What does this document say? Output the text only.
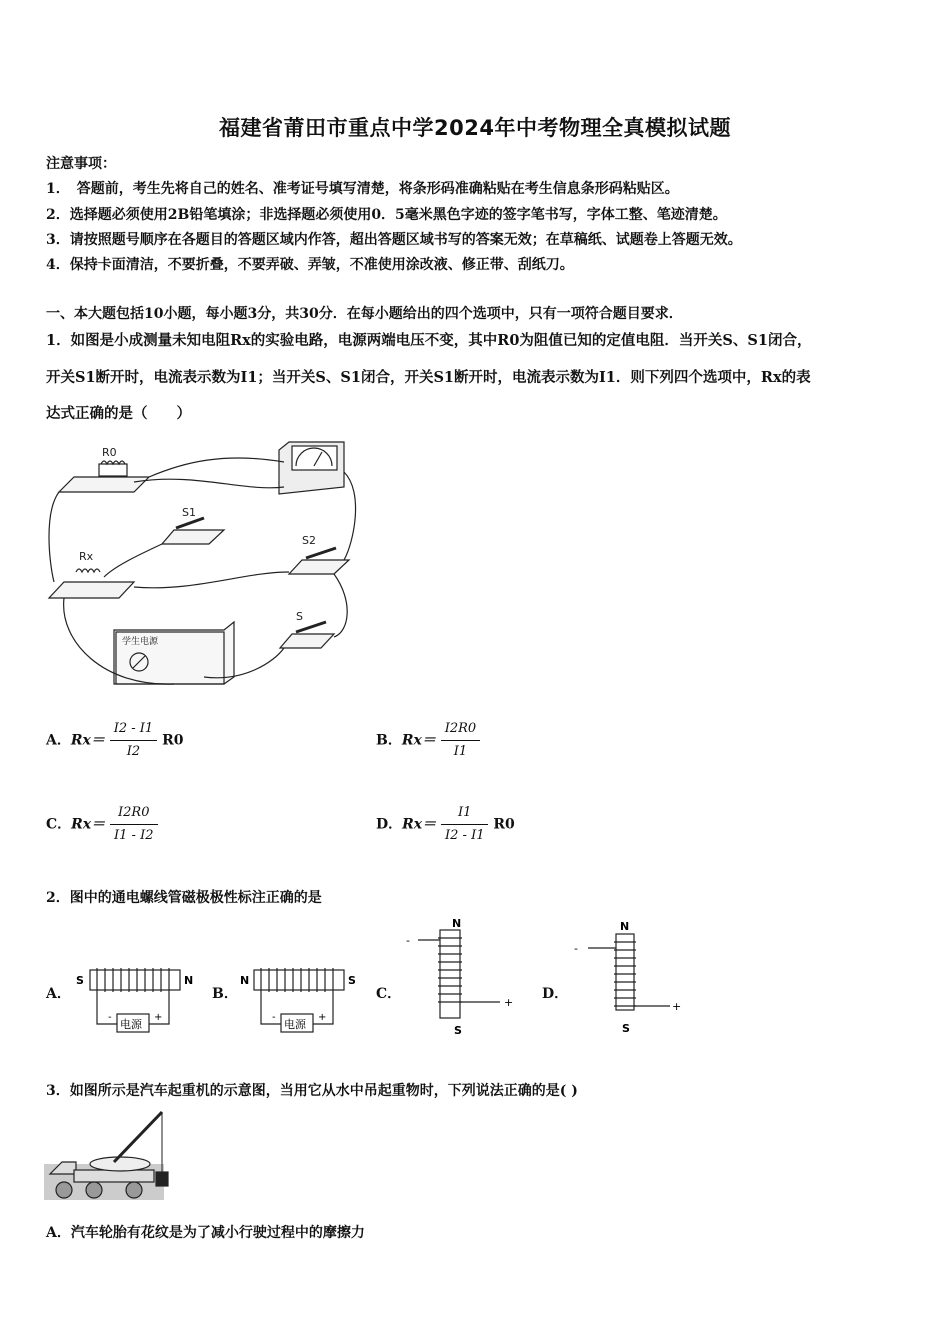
福建省莆田市重点中学2024年中考物理全真模拟试题
注意事项：
1．　答题前，考生先将自己的姓名、准考证号填写清楚，将条形码准确粘贴在考生信息条形码粘贴区。
2．选择题必须使用2B铅笔填涂；非选择题必须使用0．5毫米黑色字迹的签字笔书写，字体工整、笔迹清楚。
3．请按照题号顺序在各题目的答题区域内作答，超出答题区域书写的答案无效；在草稿纸、试题卷上答题无效。
4．保持卡面清洁，不要折叠，不要弄破、弄皱，不准使用涂改液、修正带、刮纸刀。
一、本大题包括10小题，每小题3分，共30分．在每小题给出的四个选项中，只有一项符合题目要求．
1．如图是小成测量未知电阻Rx的实验电路，电源两端电压不变，其中R0为阻值已知的定值电阻．当开关S、S1闭合，
开关S1断开时，电流表示数为I1；当开关S、S1闭合，开关S1断开时，电流表示数为I1．则下列四个选项中，Rx的表
达式正确的是（　　）
R0
S1
S2
Rx
S
学生电源
A．$Rx= \frac{I2 - I1}{I2} R0$	B．$Rx= \frac{I2R0}{I1}$
C．$Rx= \frac{I2R0}{I1 - I2}$	D．$Rx= \frac{I1}{I2 - I1} R0$
2．图中的通电螺线管磁极极性标注正确的是
A．
S	N
电源
-	+
B．
N	S
电源
-	+
C．
N
S
-
+
D．
N
S
-
+
3．如图所示是汽车起重机的示意图，当用它从水中吊起重物时，下列说法正确的是( )
A．汽车轮胎有花纹是为了减小行驶过程中的摩擦力
